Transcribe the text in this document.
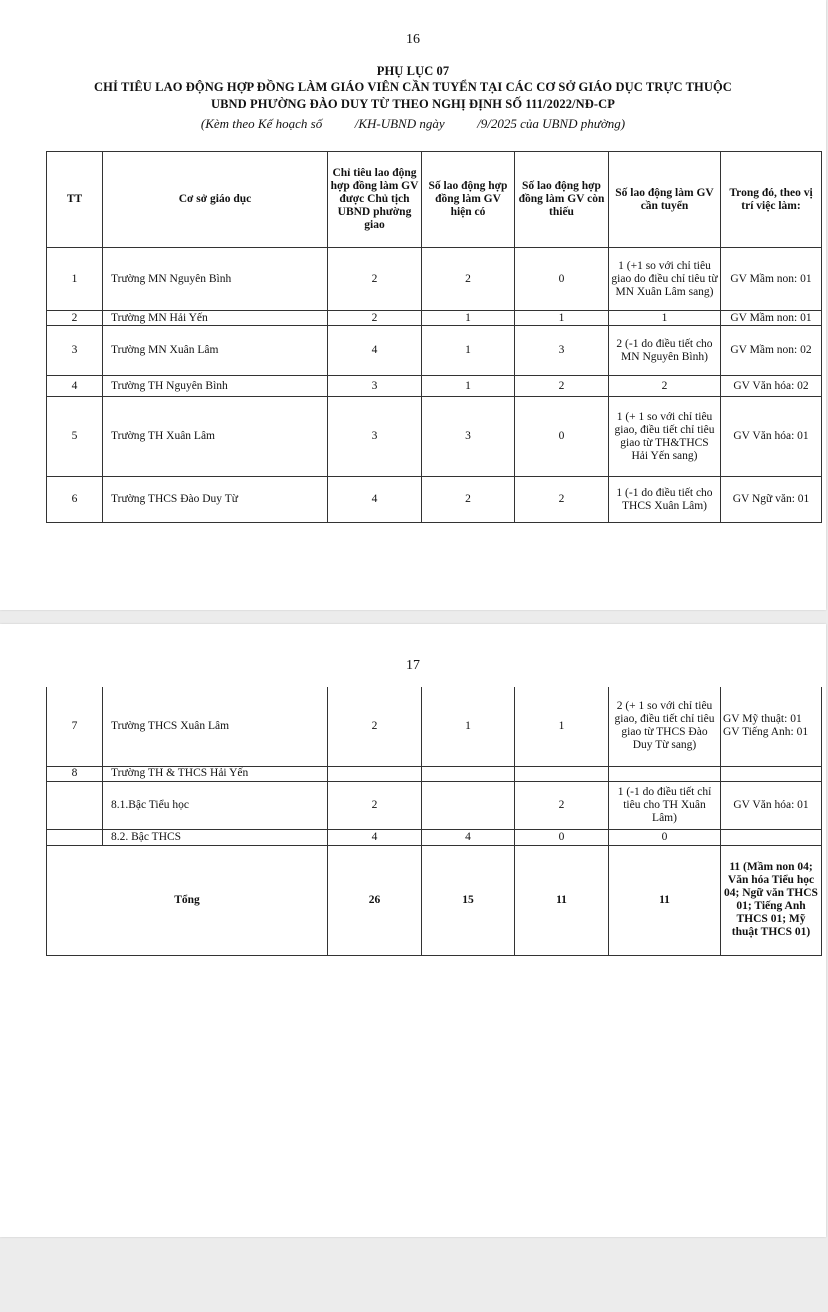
16
PHỤ LỤC 07
CHỈ TIÊU LAO ĐỘNG HỢP ĐỒNG LÀM GIÁO VIÊN CẦN TUYỂN TẠI CÁC CƠ SỞ GIÁO DỤC TRỰC THUỘC
UBND PHƯỜNG ĐÀO DUY TỪ THEO NGHỊ ĐỊNH SỐ 111/2022/NĐ-CP
(Kèm theo Kế hoạch số          /KH-UBND ngày          /9/2025 của UBND phường)
TT	Cơ sở giáo dục	Chỉ tiêu lao động hợp đồng làm GV được Chủ tịch UBND phường giao	Số lao động hợp đồng làm GV hiện có	Số lao động hợp đồng làm GV còn thiếu	Số lao động làm GV cần tuyển	Trong đó, theo vị trí việc làm:
1	Trường MN Nguyên Bình	2	2	0	1 (+1 so với chỉ tiêu giao do điều chỉ tiêu từ MN Xuân Lâm sang)	GV Mầm non: 01
2	Trường MN Hải Yến	2	1	1	1	GV Mầm non: 01
3	Trường MN Xuân Lâm	4	1	3	2 (-1 do điều tiết cho MN Nguyên Bình)	GV Mầm non: 02
4	Trường TH Nguyên Bình	3	1	2	2	GV Văn hóa: 02
5	Trường TH Xuân Lâm	3	3	0	1 (+ 1 so với chỉ tiêu giao, điều tiết chỉ tiêu giao từ TH&THCS Hải Yến sang)	GV Văn hóa: 01
6	Trường THCS Đào Duy Từ	4	2	2	1 (-1 do điều tiết cho THCS Xuân Lâm)	GV Ngữ văn: 01
17
7	Trường THCS Xuân Lâm	2	1	1	2 (+ 1 so với chỉ tiêu giao, điều tiết chỉ tiêu giao từ THCS Đào Duy Từ sang)	GV Mỹ thuật: 01 GV Tiếng Anh: 01
8	Trường TH & THCS Hải Yến					
	8.1.Bậc Tiểu học	2		2	1 (-1 do điều tiết chỉ tiêu cho TH Xuân Lâm)	GV Văn hóa: 01
	8.2. Bậc THCS	4	4	0	0	
Tổng		26	15	11	11	11 (Mầm non 04; Văn hóa Tiểu học 04; Ngữ văn THCS 01; Tiếng Anh THCS 01; Mỹ thuật THCS 01)
